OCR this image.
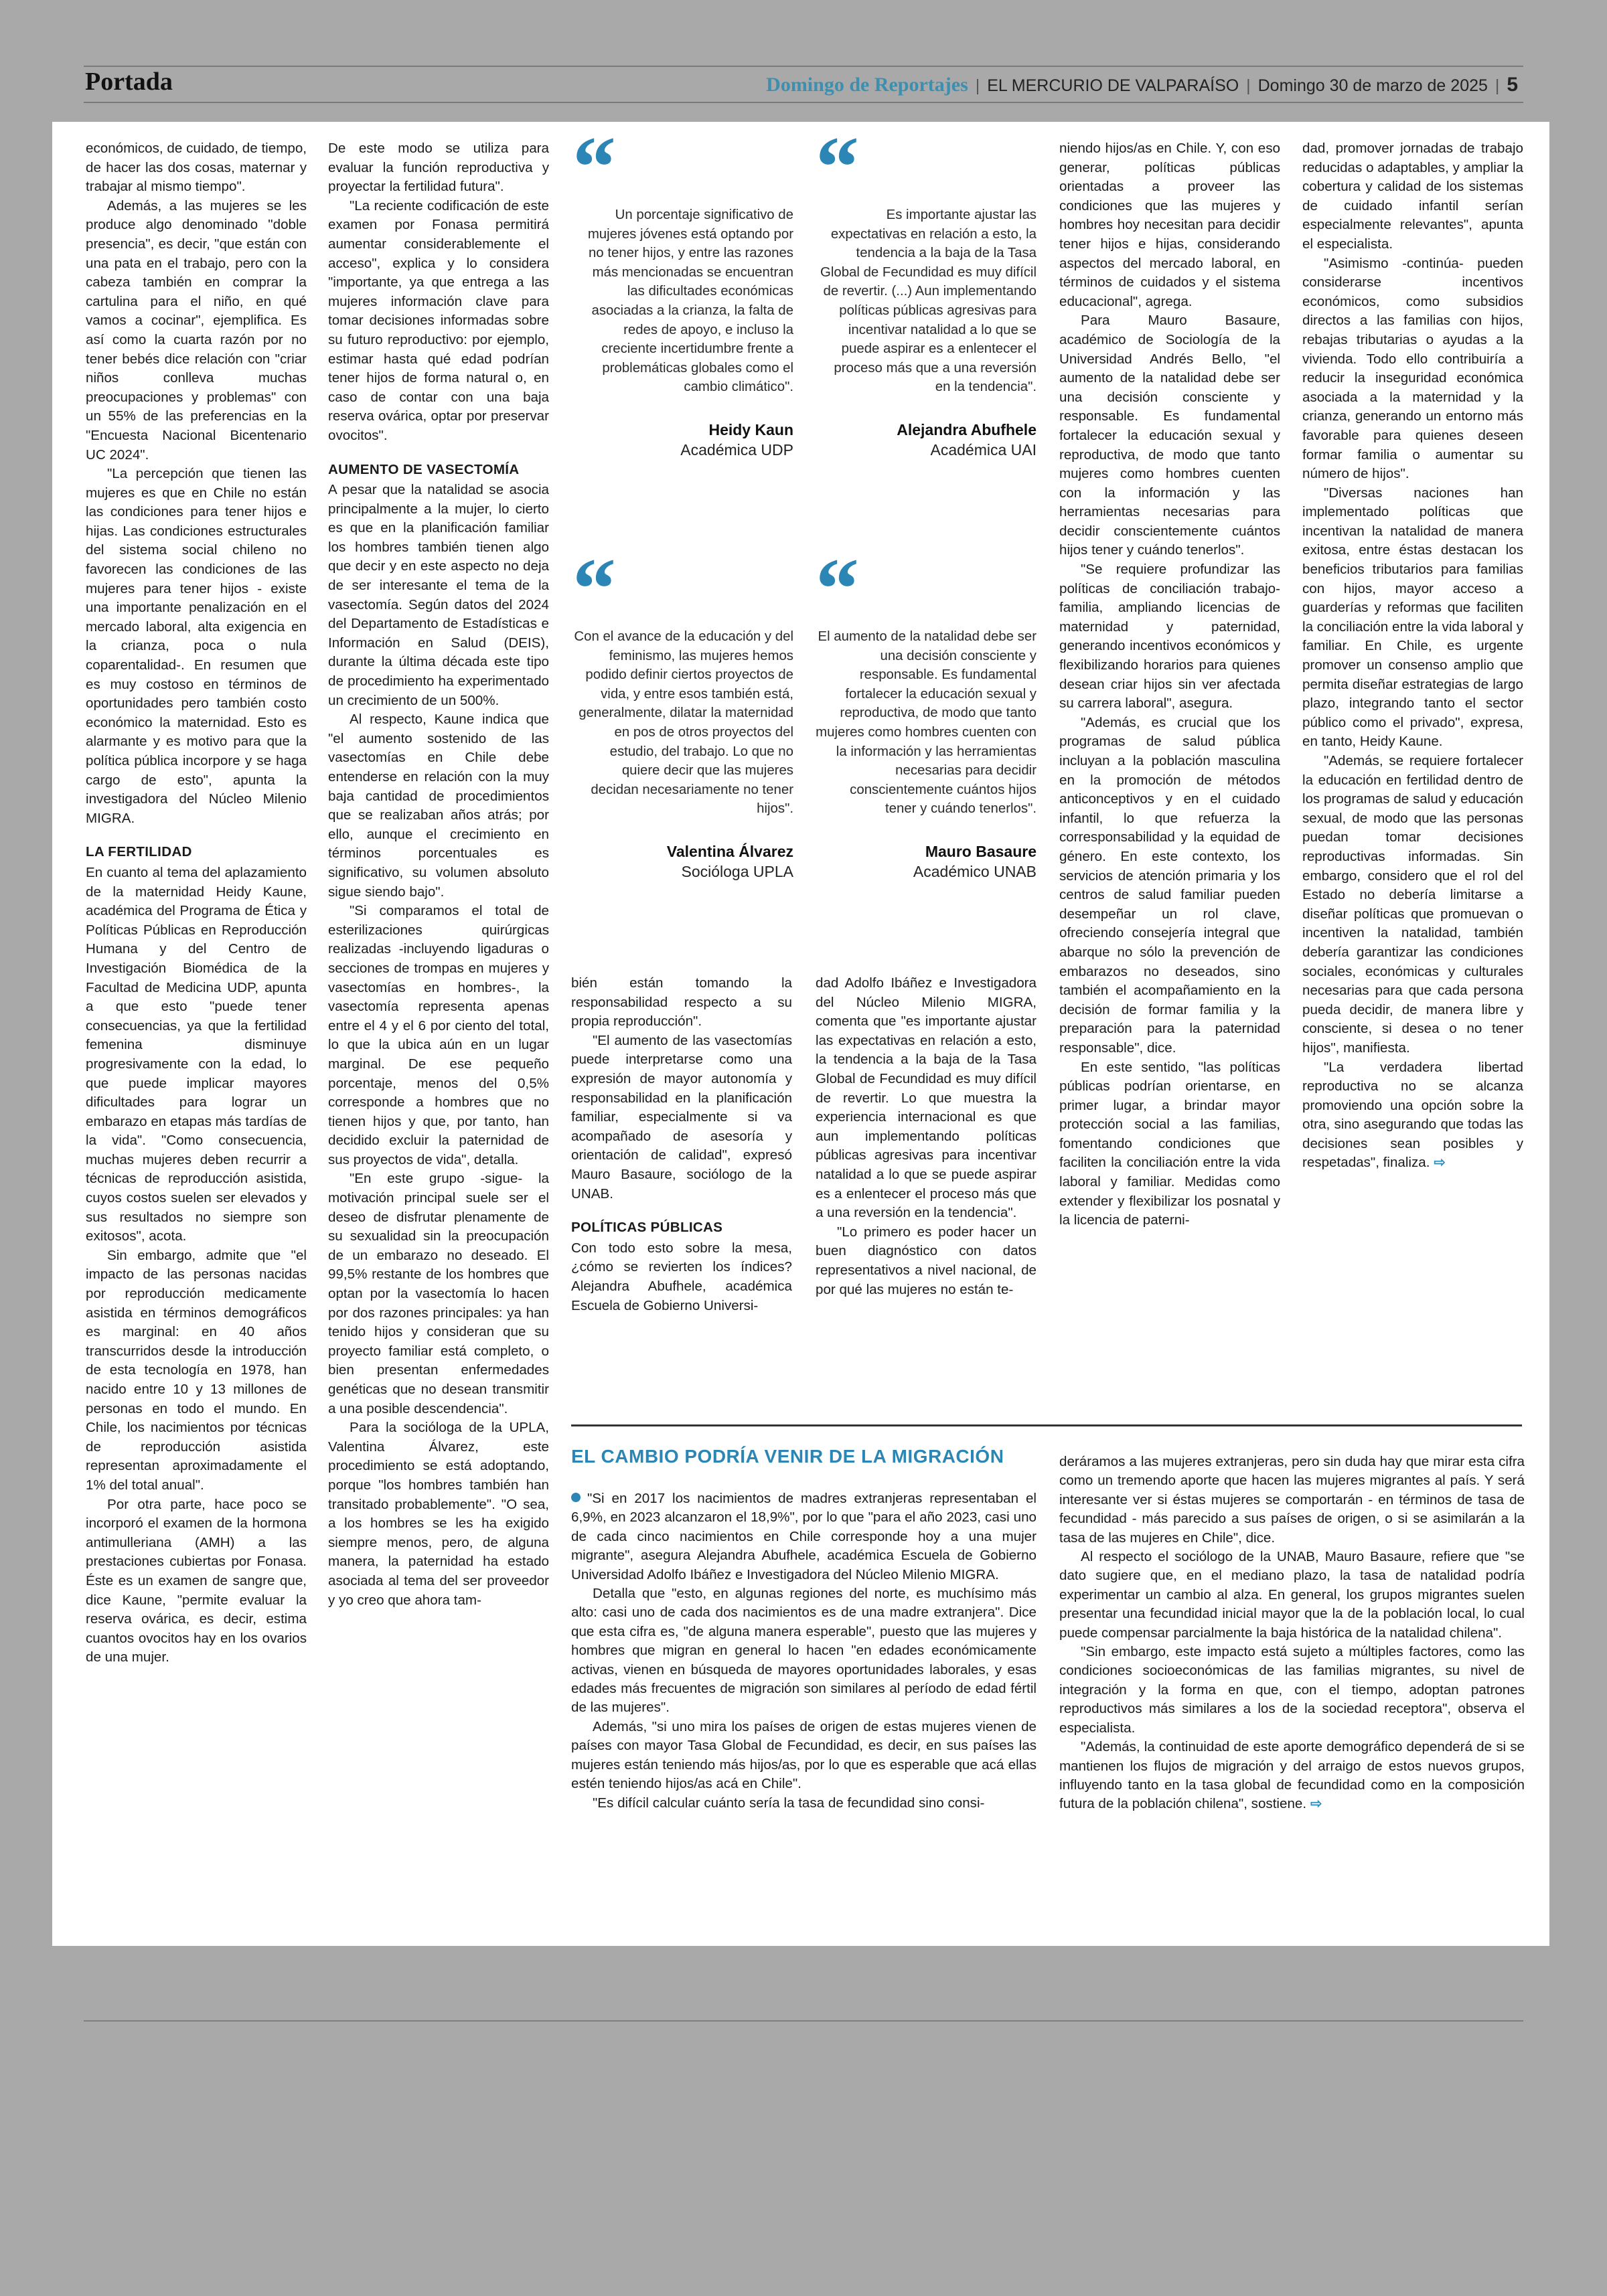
Portada	Domingo de Reportajes | EL MERCURIO DE VALPARAÍSO | Domingo 30 de marzo de 2025 | 5

económicos, de cuidado, de tiempo, de hacer las dos cosas, maternar y trabajar al mismo tiempo".

Además, a las mujeres se les produce algo denominado "doble presencia", es decir, "que están con una pata en el trabajo, pero con la cabeza también en comprar la cartulina para el niño, en qué vamos a cocinar", ejemplifica. Es así como la cuarta razón por no tener bebés dice relación con "criar niños conlleva muchas preocupaciones y problemas" con un 55% de las preferencias en la "Encuesta Nacional Bicentenario UC 2024".

"La percepción que tienen las mujeres es que en Chile no están las condiciones para tener hijos e hijas. Las condiciones estructurales del sistema social chileno no favorecen las condiciones de las mujeres para tener hijos - existe una importante penalización en el mercado laboral, alta exigencia en la crianza, poca o nula coparentalidad-. En resumen que es muy costoso en términos de oportunidades pero también costo económico la maternidad. Esto es alarmante y es motivo para que la política pública incorpore y se haga cargo de esto", apunta la investigadora del Núcleo Milenio MIGRA.

LA FERTILIDAD

En cuanto al tema del aplazamiento de la maternidad Heidy Kaune, académica del Programa de Ética y Políticas Públicas en Reproducción Humana y del Centro de Investigación Biomédica de la Facultad de Medicina UDP, apunta a que esto "puede tener consecuencias, ya que la fertilidad femenina disminuye progresivamente con la edad, lo que puede implicar mayores dificultades para lograr un embarazo en etapas más tardías de la vida". "Como consecuencia, muchas mujeres deben recurrir a técnicas de reproducción asistida, cuyos costos suelen ser elevados y sus resultados no siempre son exitosos", acota.

Sin embargo, admite que "el impacto de las personas nacidas por reproducción medicamente asistida en términos demográficos es marginal: en 40 años transcurridos desde la introducción de esta tecnología en 1978, han nacido entre 10 y 13 millones de personas en todo el mundo. En Chile, los nacimientos por técnicas de reproducción asistida representan aproximadamente el 1% del total anual".

Por otra parte, hace poco se incorporó el examen de la hormona antimulleriana (AMH) a las prestaciones cubiertas por Fonasa. Éste es un examen de sangre que, dice Kaune, "permite evaluar la reserva ovárica, es decir, estima cuantos ovocitos hay en los ovarios de una mujer.

De este modo se utiliza para evaluar la función reproductiva y proyectar la fertilidad futura".

"La reciente codificación de este examen por Fonasa permitirá aumentar considerablemente el acceso", explica y lo considera "importante, ya que entrega a las mujeres información clave para tomar decisiones informadas sobre su futuro reproductivo: por ejemplo, estimar hasta qué edad podrían tener hijos de forma natural o, en caso de contar con una baja reserva ovárica, optar por preservar ovocitos".

AUMENTO DE VASECTOMÍA

A pesar que la natalidad se asocia principalmente a la mujer, lo cierto es que en la planificación familiar los hombres también tienen algo que decir y en este aspecto no deja de ser interesante el tema de la vasectomía. Según datos del 2024 del Departamento de Estadísticas e Información en Salud (DEIS), durante la última década este tipo de procedimiento ha experimentado un crecimiento de un 500%.

Al respecto, Kaune indica que "el aumento sostenido de las vasectomías en Chile debe entenderse en relación con la muy baja cantidad de procedimientos que se realizaban años atrás; por ello, aunque el crecimiento en términos porcentuales es significativo, su volumen absoluto sigue siendo bajo".

"Si comparamos el total de esterilizaciones quirúrgicas realizadas -incluyendo ligaduras o secciones de trompas en mujeres y vasectomías en hombres-, la vasectomía representa apenas entre el 4 y el 6 por ciento del total, lo que la ubica aún en un lugar marginal. De ese pequeño porcentaje, menos del 0,5% corresponde a hombres que no tienen hijos y que, por tanto, han decidido excluir la paternidad de sus proyectos de vida", detalla.

"En este grupo -sigue- la motivación principal suele ser el deseo de disfrutar plenamente de su sexualidad sin la preocupación de un embarazo no deseado. El 99,5% restante de los hombres que optan por la vasectomía lo hacen por dos razones principales: ya han tenido hijos y consideran que su proyecto familiar está completo, o bien presentan enfermedades genéticas que no desean transmitir a una posible descendencia".

Para la socióloga de la UPLA, Valentina Álvarez, este procedimiento se está adoptando, porque "los hombres también han transitado probablemente". "O sea, a los hombres se les ha exigido siempre menos, pero, de alguna manera, la paternidad ha estado asociada al tema del ser proveedor y yo creo que ahora tam-

“
Un porcentaje significativo de mujeres jóvenes está optando por no tener hijos, y entre las razones más mencionadas se encuentran las dificultades económicas asociadas a la crianza, la falta de redes de apoyo, e incluso la creciente incertidumbre frente a problemáticas globales como el cambio climático".
Heidy Kaun
Académica UDP
“	Es importante ajustar las expectativas en relación a esto, la tendencia a la baja de la Tasa Global de Fecundidad es muy difícil de revertir. (...) Aun implementando políticas públicas agresivas para incentivar natalidad a lo que se puede aspirar es a enlentecer el proceso más que a una reversión en la tendencia".
Alejandra Abufhele
Académica UAI
“
Con el avance de la educación y del feminismo, las mujeres hemos podido definir ciertos proyectos de vida, y entre esos también está, generalmente, dilatar la maternidad en pos de otros proyectos del estudio, del trabajo. Lo que no quiere decir que las mujeres decidan necesariamente no tener hijos".
Valentina Álvarez
Socióloga UPLA
“
El aumento de la natalidad debe ser una decisión consciente y responsable. Es fundamental fortalecer la educación sexual y reproductiva, de modo que tanto mujeres como hombres cuenten con la información y las herramientas necesarias para decidir conscientemente cuántos hijos tener y cuándo tenerlos".
Mauro Basaure
Académico UNAB

bién están tomando la responsabilidad respecto a su propia reproducción".

"El aumento de las vasectomías puede interpretarse como una expresión de mayor autonomía y responsabilidad en la planificación familiar, especialmente si va acompañado de asesoría y orientación de calidad", expresó Mauro Basaure, sociólogo de la UNAB.

POLÍTICAS PÚBLICAS

Con todo esto sobre la mesa, ¿cómo se revierten los índices? Alejandra Abufhele, académica Escuela de Gobierno Universi-

dad Adolfo Ibáñez e Investigadora del Núcleo Milenio MIGRA, comenta que "es importante ajustar las expectativas en relación a esto, la tendencia a la baja de la Tasa Global de Fecundidad es muy difícil de revertir. Lo que muestra la experiencia internacional es que aun implementando políticas públicas agresivas para incentivar natalidad a lo que se puede aspirar es a enlentecer el proceso más que a una reversión en la tendencia".

"Lo primero es poder hacer un buen diagnóstico con datos representativos a nivel nacional, de por qué las mujeres no están te-

niendo hijos/as en Chile. Y, con eso generar, políticas públicas orientadas a proveer las condiciones que las mujeres y hombres hoy necesitan para decidir tener hijos e hijas, considerando aspectos del mercado laboral, en términos de cuidados y el sistema educacional", agrega.

Para Mauro Basaure, académico de Sociología de la Universidad Andrés Bello, "el aumento de la natalidad debe ser una decisión consciente y responsable. Es fundamental fortalecer la educación sexual y reproductiva, de modo que tanto mujeres como hombres cuenten con la información y las herramientas necesarias para decidir conscientemente cuántos hijos tener y cuándo tenerlos".

"Se requiere profundizar las políticas de conciliación trabajo-familia, ampliando licencias de maternidad y paternidad, generando incentivos económicos y flexibilizando horarios para quienes desean criar hijos sin ver afectada su carrera laboral", asegura.

"Además, es crucial que los programas de salud pública incluyan a la población masculina en la promoción de métodos anticonceptivos y en el cuidado infantil, lo que refuerza la corresponsabilidad y la equidad de género. En este contexto, los servicios de atención primaria y los centros de salud familiar pueden desempeñar un rol clave, ofreciendo consejería integral que abarque no sólo la prevención de embarazos no deseados, sino también el acompañamiento en la decisión de formar familia y la preparación para la paternidad responsable", dice.

En este sentido, "las políticas públicas podrían orientarse, en primer lugar, a brindar mayor protección social a las familias, fomentando condiciones que faciliten la conciliación entre la vida laboral y familiar. Medidas como extender y flexibilizar los posnatal y la licencia de paterni-

dad, promover jornadas de trabajo reducidas o adaptables, y ampliar la cobertura y calidad de los sistemas de cuidado infantil serían especialmente relevantes", apunta el especialista.

"Asimismo -continúa- pueden considerarse incentivos económicos, como subsidios directos a las familias con hijos, rebajas tributarias o ayudas a la vivienda. Todo ello contribuiría a reducir la inseguridad económica asociada a la maternidad y la crianza, generando un entorno más favorable para quienes deseen formar familia o aumentar su número de hijos".

"Diversas naciones han implementado políticas que incentivan la natalidad de manera exitosa, entre éstas destacan los beneficios tributarios para familias con hijos, mayor acceso a guarderías y reformas que faciliten la conciliación entre la vida laboral y familiar. En Chile, es urgente promover un consenso amplio que permita diseñar estrategias de largo plazo, integrando tanto el sector público como el privado", expresa, en tanto, Heidy Kaune.

"Además, se requiere fortalecer la educación en fertilidad dentro de los programas de salud y educación sexual, de modo que las personas puedan tomar decisiones reproductivas informadas. Sin embargo, considero que el rol del Estado no debería limitarse a diseñar políticas que promuevan o incentiven la natalidad, también debería garantizar las condiciones sociales, económicas y culturales necesarias para que cada persona pueda decidir, de manera libre y consciente, si desea o no tener hijos", manifiesta.

"La verdadera libertad reproductiva no se alcanza promoviendo una opción sobre la otra, sino asegurando que todas las decisiones sean posibles y respetadas", finaliza. ⇨

EL CAMBIO PODRÍA VENIR DE LA MIGRACIÓN

"Si en 2017 los nacimientos de madres extranjeras representaban el 6,9%, en 2023 alcanzaron el 18,9%", por lo que "para el año 2023, casi uno de cada cinco nacimientos en Chile corresponde hoy a una mujer migrante", asegura Alejandra Abufhele, académica Escuela de Gobierno Universidad Adolfo Ibáñez e Investigadora del Núcleo Milenio MIGRA.

Detalla que "esto, en algunas regiones del norte, es muchísimo más alto: casi uno de cada dos nacimientos es de una madre extranjera". Dice que esta cifra es, "de alguna manera esperable", puesto que las mujeres y hombres que migran en general lo hacen "en edades económicamente activas, vienen en búsqueda de mayores oportunidades laborales, y esas edades más frecuentes de migración son similares al período de edad fértil de las mujeres".

Además, "si uno mira los países de origen de estas mujeres vienen de países con mayor Tasa Global de Fecundidad, es decir, en sus países las mujeres están teniendo más hijos/as, por lo que es esperable que acá ellas estén teniendo hijos/as acá en Chile".

"Es difícil calcular cuánto sería la tasa de fecundidad sino consi-

deráramos a las mujeres extranjeras, pero sin duda hay que mirar esta cifra como un tremendo aporte que hacen las mujeres migrantes al país. Y será interesante ver si éstas mujeres se comportarán - en términos de tasa de fecundidad - más parecido a sus países de origen, o si se asimilarán a la tasa de las mujeres en Chile", dice.

Al respecto el sociólogo de la UNAB, Mauro Basaure, refiere que "se dato sugiere que, en el mediano plazo, la tasa de natalidad podría experimentar un cambio al alza. En general, los grupos migrantes suelen presentar una fecundidad inicial mayor que la de la población local, lo cual puede compensar parcialmente la baja histórica de la natalidad chilena".

"Sin embargo, este impacto está sujeto a múltiples factores, como las condiciones socioeconómicas de las familias migrantes, su nivel de integración y la forma en que, con el tiempo, adoptan patrones reproductivos más similares a los de la sociedad receptora", observa el especialista.

"Además, la continuidad de este aporte demográfico dependerá de si se mantienen los flujos de migración y del arraigo de estos nuevos grupos, influyendo tanto en la tasa global de fecundidad como en la composición futura de la población chilena", sostiene. ⇨
